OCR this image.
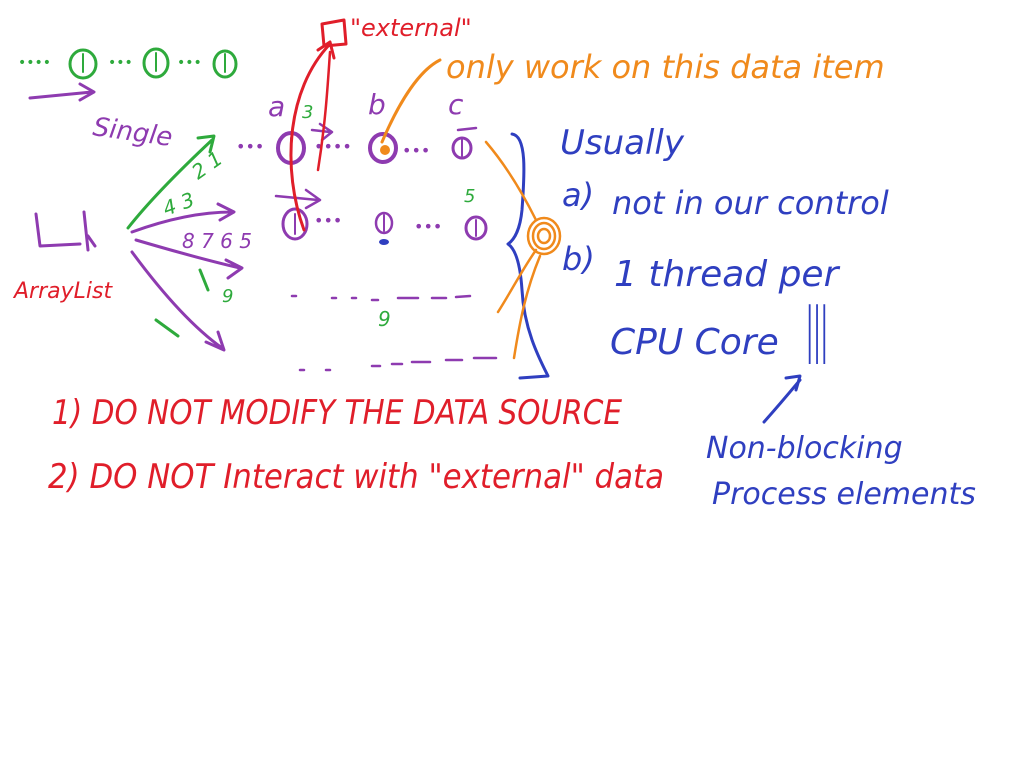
••••	•••	•••
Single
ArrayList
2 1
4 3
8 7 6 5
9
a 3 b c
•••	••••	•••
•••	•••
5
9
"external"
only work on this data item
Usually
a) not in our control
b) 1 thread per
CPU Core |||
Non-blocking
Process elements
1) DO NOT MODIFY THE DATA SOURCE
2) DO NOT Interact with "external" data
